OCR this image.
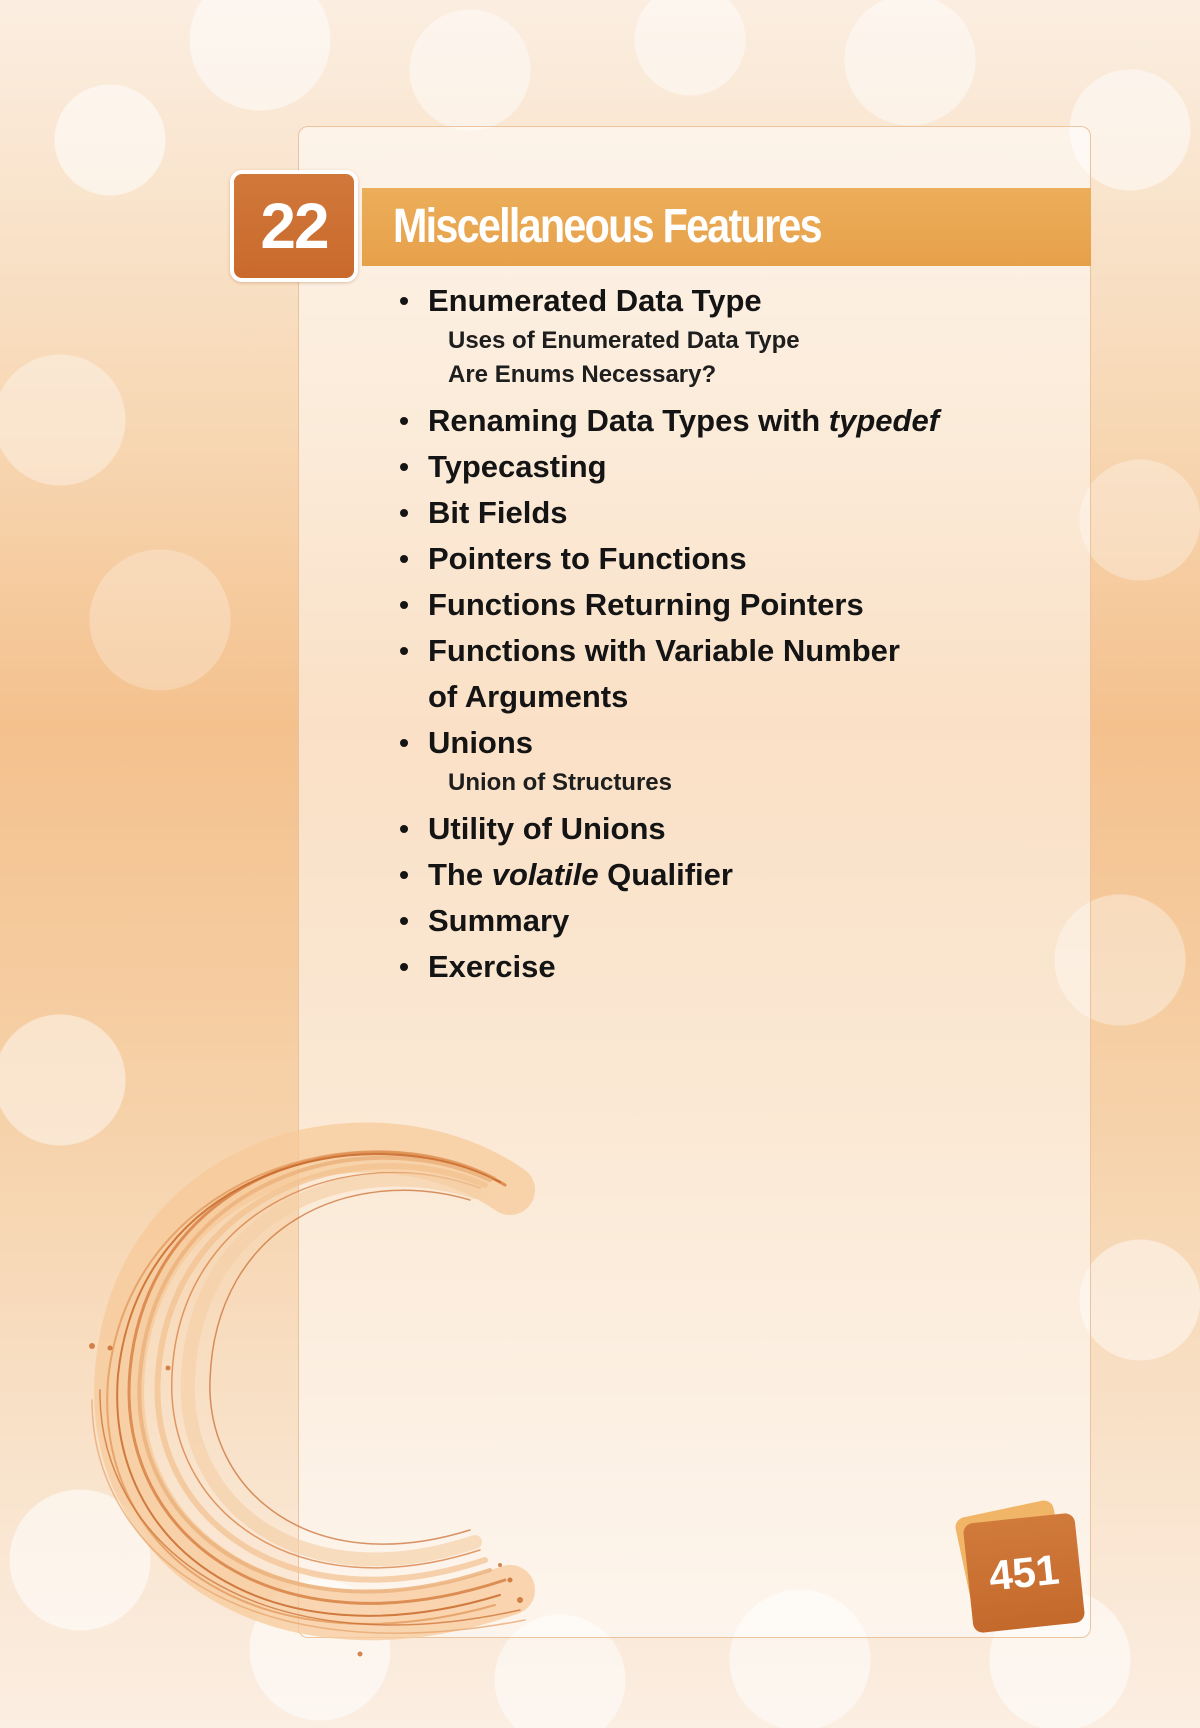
Miscellaneous Features
22
• Enumerated Data Type
Uses of Enumerated Data Type
Are Enums Necessary?
• Renaming Data Types with typedef
• Typecasting
• Bit Fields
• Pointers to Functions
• Functions Returning Pointers
• Functions with Variable Number
of Arguments
• Unions
Union of Structures
• Utility of Unions
• The volatile Qualifier
• Summary
• Exercise
451
